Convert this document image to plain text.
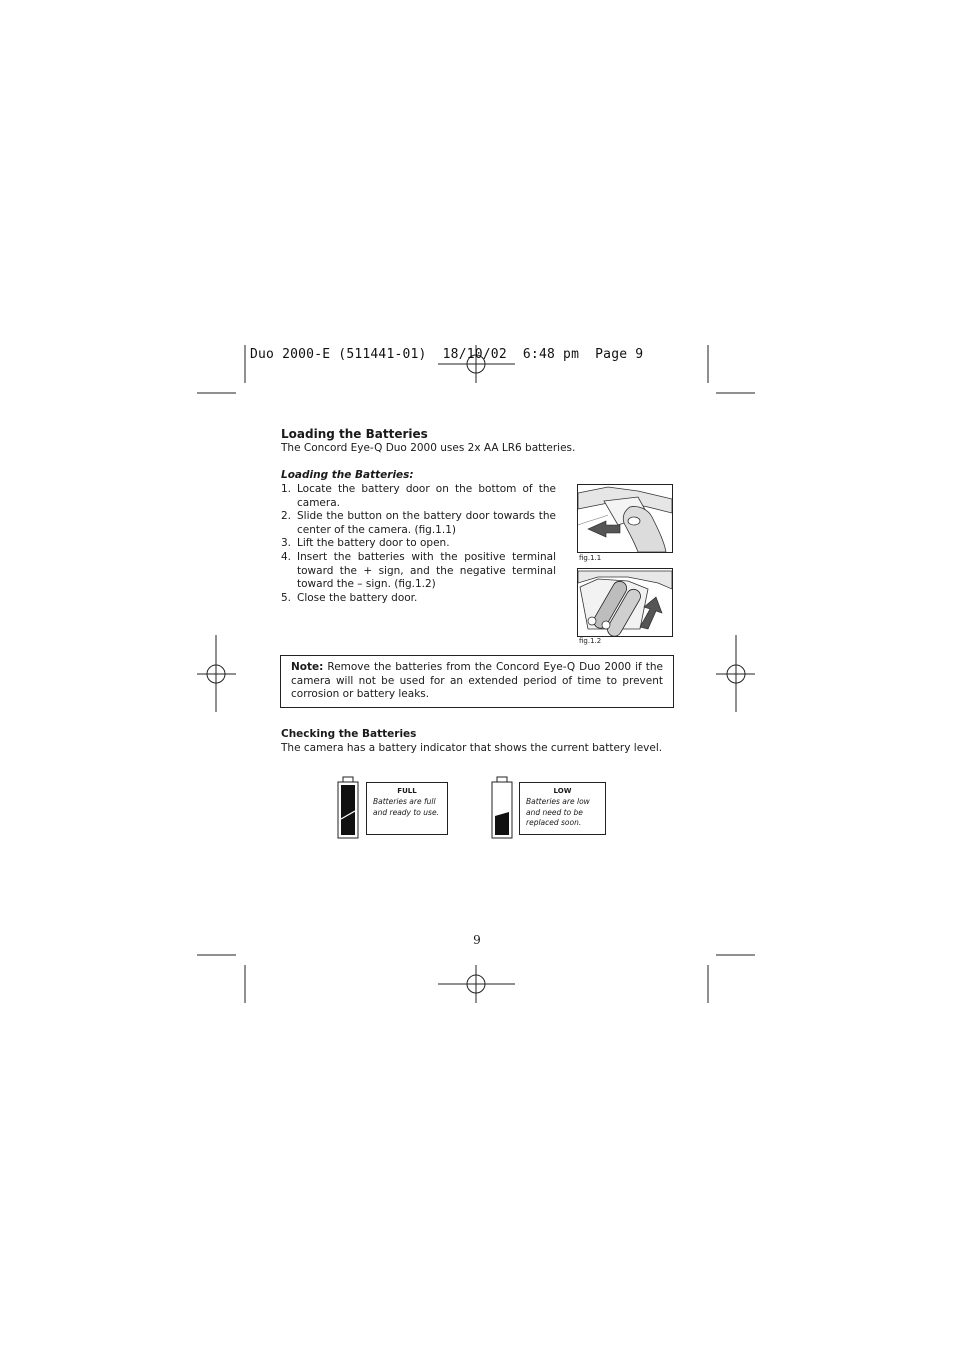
Duo 2000-E (511441-01)  18/10/02  6:48 pm  Page 9
Loading the Batteries
The Concord Eye-Q Duo 2000 uses 2x AA LR6 batteries.
Loading the Batteries:
1. Locate the battery door on the bottom of the camera.
2. Slide the button on the battery door towards the center of the camera. (fig.1.1)
3. Lift the battery door to open.
4. Insert the batteries with the positive terminal toward the + sign, and the negative terminal toward the – sign. (fig.1.2)
5. Close the battery door.
fig.1.1
fig.1.2
Note: Remove the batteries from the Concord Eye-Q Duo 2000 if the camera will not be used for an extended period of time to prevent corrosion or battery leaks.
Checking the Batteries
The camera has a battery indicator that shows the current battery level.
FULL
Batteries are full and ready to use.
LOW
Batteries are low and need to be replaced soon.
9
